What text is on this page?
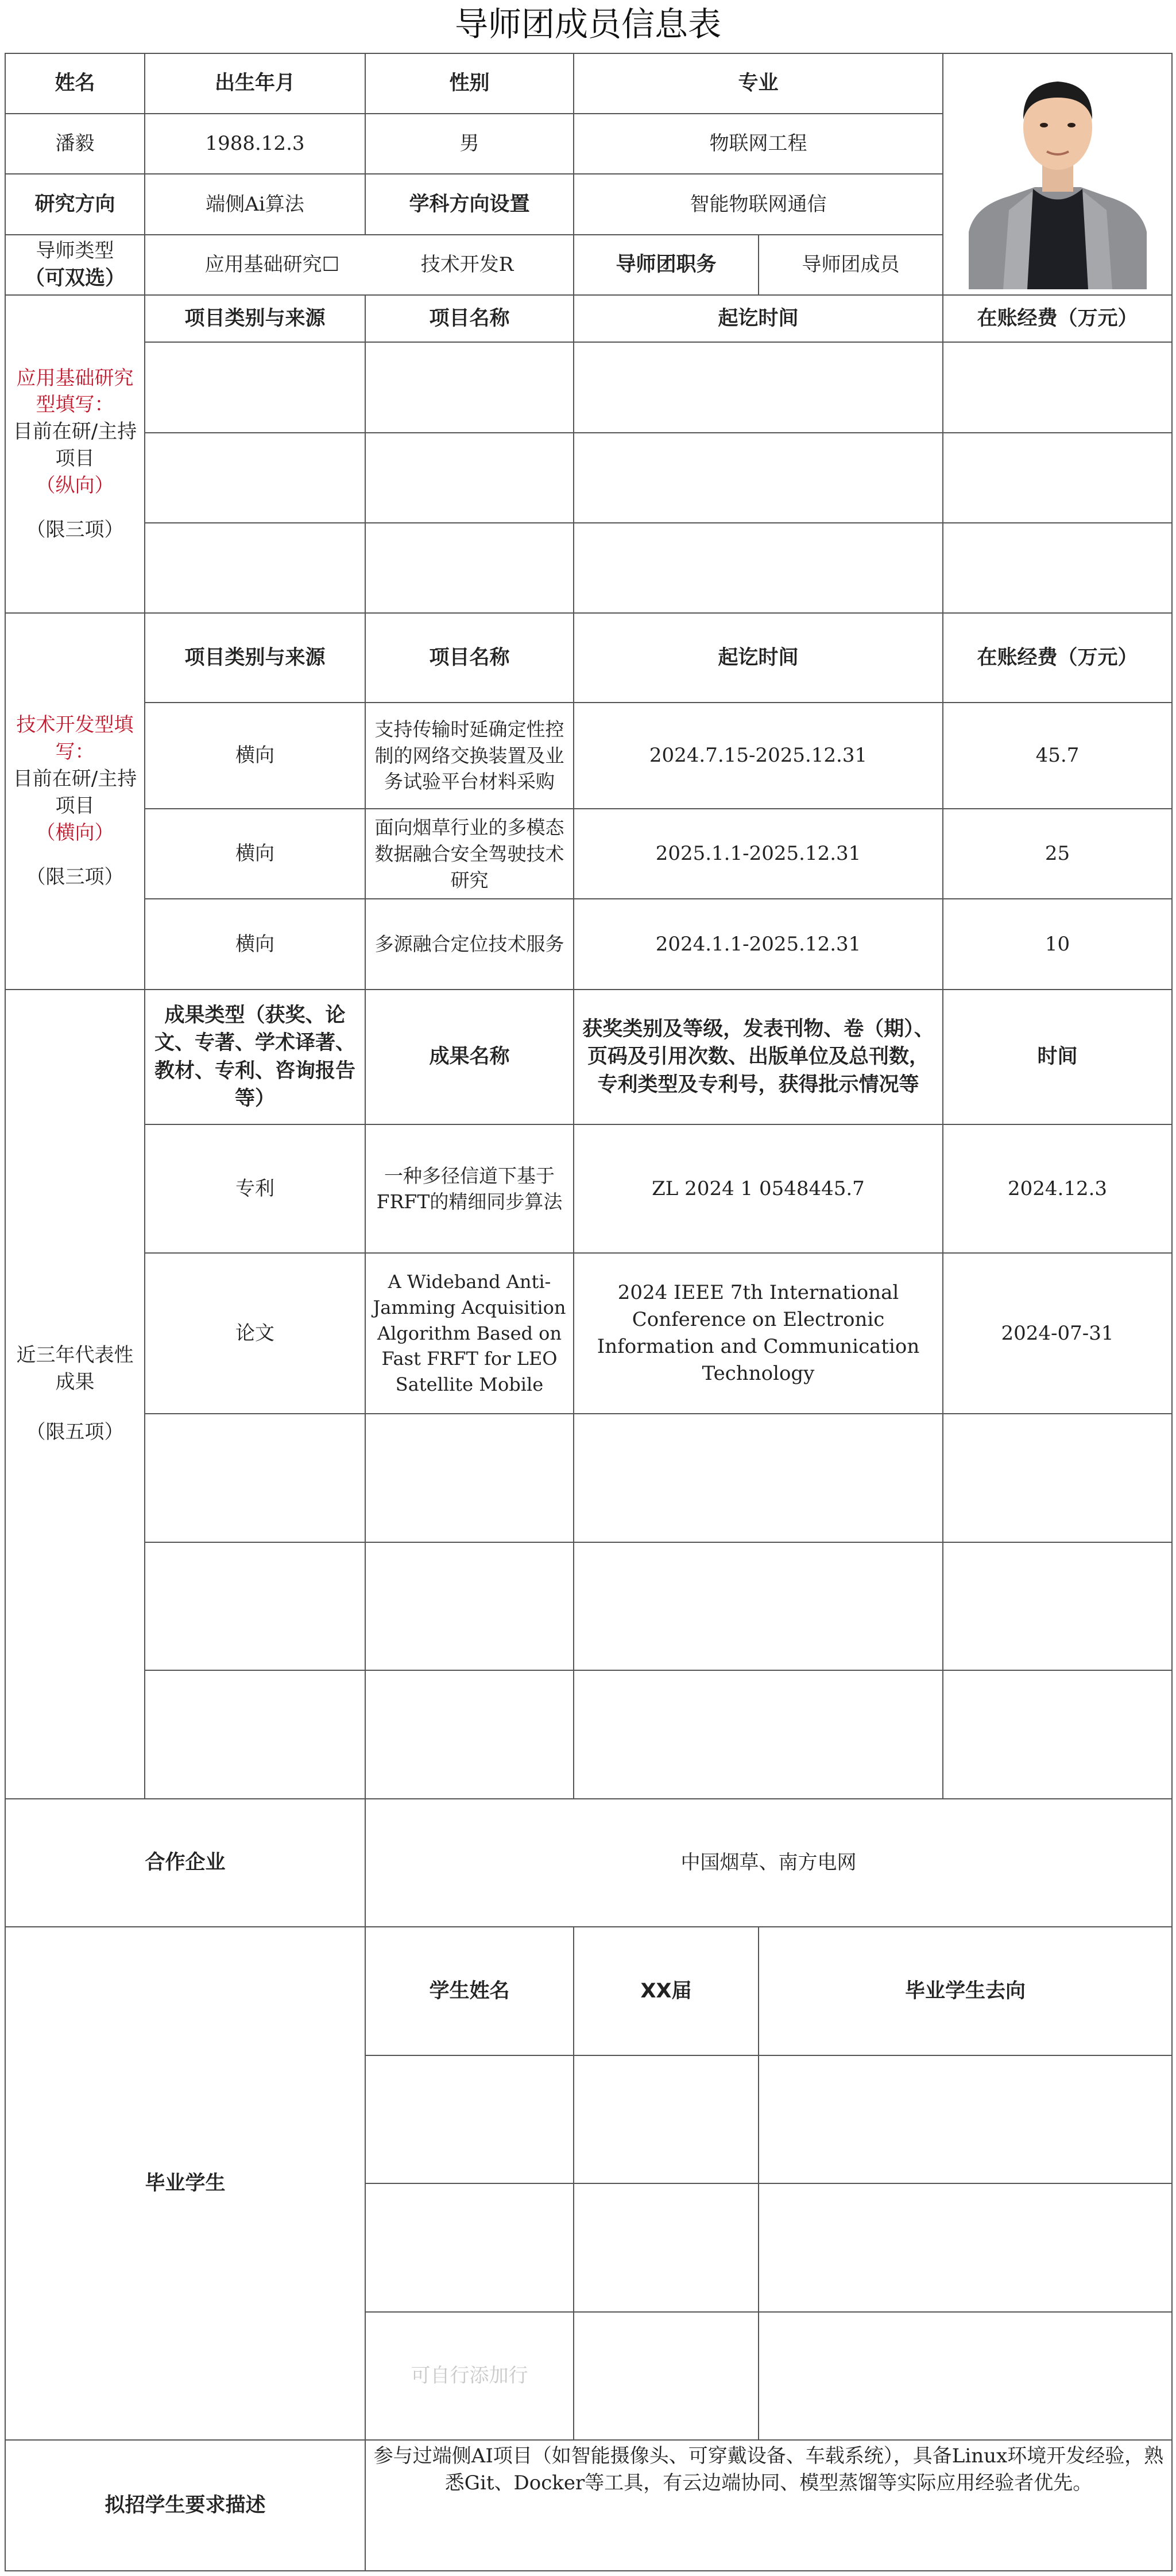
导师团成员信息表
姓名	出生年月	性别	专业	

潘毅	1988.12.3	男	物联网工程		
研究方向	端侧Ai算法	学科方向设置	智能物联网通信		

导师类型
（可双选）	应用基础研究☐ 技术开发R		导师团职务	导师团成员	

应用基础研究型填写：
目前在研/主持项目
（纵向）
（限三项）	项目类别与来源	项目名称	起讫时间		在账经费（万元）

技术开发型填写：
目前在研/主持项目
（横向）
（限三项）	项目类别与来源	项目名称	起讫时间		在账经费（万元）
	横向	支持传输时延确定性控制的网络交换装置及业务试验平台材料采购	2024.7.15-2025.12.31		45.7
	横向	面向烟草行业的多模态数据融合安全驾驶技术研究	2025.1.1-2025.12.31		25
	横向	多源融合定位技术服务	2024.1.1-2025.12.31		10

近三年代表性成果
（限五项）	成果类型（获奖、论文、专著、学术译著、教材、专利、咨询报告等）	成果名称	获奖类别及等级，发表刊物、卷（期）、页码及引用次数、出版单位及总刊数，专利类型及专利号，获得批示情况等		时间
	专利	一种多径信道下基于FRFT的精细同步算法	ZL 2024 1 0548445.7		2024.12.3
	论文	A Wideband Anti-Jamming Acquisition Algorithm Based on Fast FRFT for LEO Satellite Mobile	2024 IEEE 7th International Conference on Electronic Information and Communication Technology		2024-07-31

合作企业		中国烟草、南方电网			
毕业学生		学生姓名	XX届	毕业学生去向	

		可自行添加行			
拟招学生要求描述		参与过端侧AI项目（如智能摄像头、可穿戴设备、车载系统），具备Linux环境开发经验，熟悉Git、Docker等工具，有云边端协同、模型蒸馏等实际应用经验者优先。			
